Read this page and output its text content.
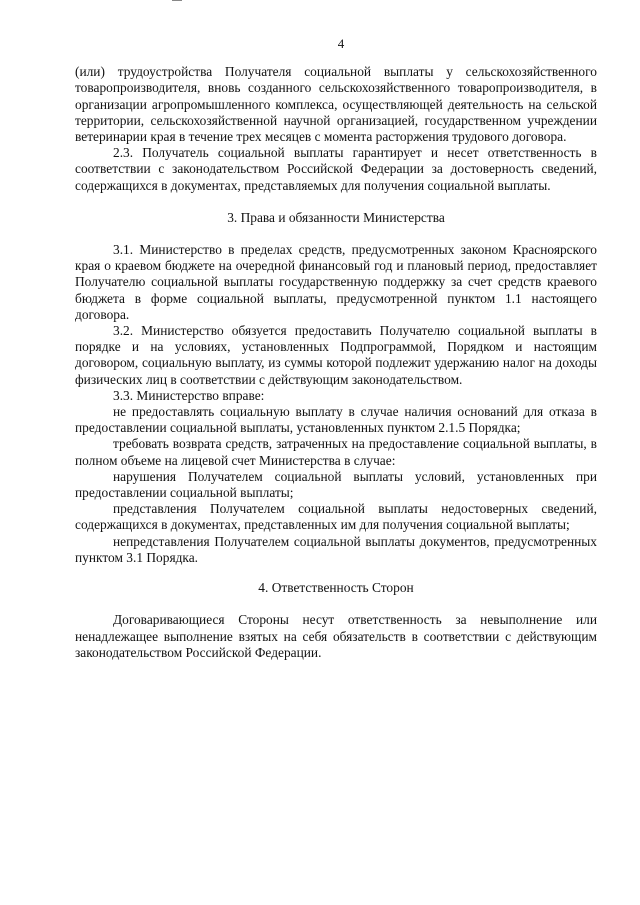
4

(или) трудоустройства Получателя социальной выплаты у сельскохозяйственного товаропроизводителя, вновь созданного сельскохозяйственного товаропроизводителя, в организации агропромышленного комплекса, осуществляющей деятельность на сельской территории, сельскохозяйственной научной организацией, государственном учреждении ветеринарии края в течение трех месяцев с момента расторжения трудового договора.

2.3. Получатель социальной выплаты гарантирует и несет ответственность в соответствии с законодательством Российской Федерации за достоверность сведений, содержащихся в документах, представляемых для получения социальной выплаты.

3. Права и обязанности Министерства

3.1. Министерство в пределах средств, предусмотренных законом Красноярского края о краевом бюджете на очередной финансовый год и плановый период, предоставляет Получателю социальной выплаты государственную поддержку за счет средств краевого бюджета в форме социальной выплаты, предусмотренной пунктом 1.1 настоящего договора.

3.2. Министерство обязуется предоставить Получателю социальной выплаты в порядке и на условиях, установленных Подпрограммой, Порядком и настоящим договором, социальную выплату, из суммы которой подлежит удержанию налог на доходы физических лиц в соответствии с действующим законодательством.

3.3. Министерство вправе:

не предоставлять социальную выплату в случае наличия оснований для отказа в предоставлении социальной выплаты, установленных пунктом 2.1.5 Порядка;

требовать возврата средств, затраченных на предоставление социальной выплаты, в полном объеме на лицевой счет Министерства в случае:

нарушения Получателем социальной выплаты условий, установленных при предоставлении социальной выплаты;

представления Получателем социальной выплаты недостоверных сведений, содержащихся в документах, представленных им для получения социальной выплаты;

непредставления Получателем социальной выплаты документов, предусмотренных пунктом 3.1 Порядка.

4. Ответственность Сторон

Договаривающиеся Стороны несут ответственность за невыполнение или ненадлежащее выполнение взятых на себя обязательств в соответствии с действующим законодательством Российской Федерации.
